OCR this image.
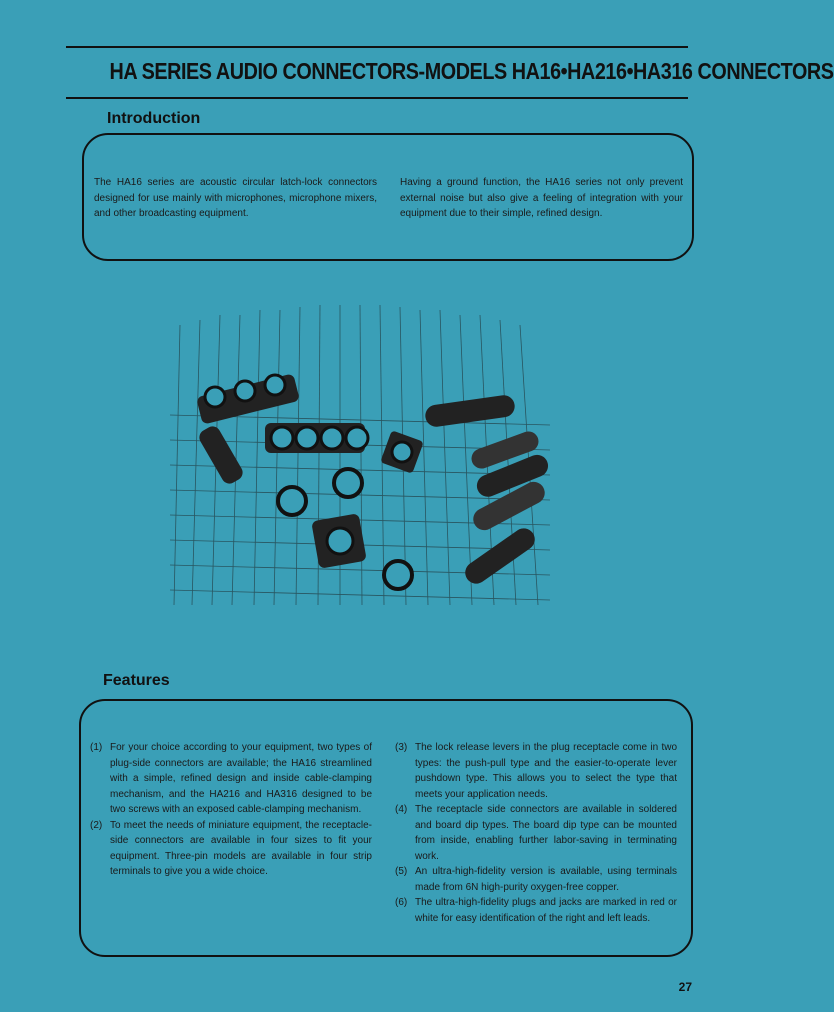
HA SERIES AUDIO CONNECTORS-MODELS HA16•HA216•HA316 CONNECTORS
Introduction
The HA16 series are acoustic circular latch-lock connectors designed for use mainly with microphones, microphone mixers, and other broadcasting equipment.
Having a ground function, the HA16 series not only prevent external noise but also give a feeling of integration with your equipment due to their simple, refined design.
Features
(1) For your choice according to your equipment, two types of plug-side connectors are available; the HA16 streamlined with a simple, refined design and inside cable-clamping mechanism, and the HA216 and HA316 designed to be two screws with an exposed cable-clamping mechanism.
(2) To meet the needs of miniature equipment, the receptacle-side connectors are available in four sizes to fit your equipment. Three-pin models are available in four strip terminals to give you a wide choice.
(3) The lock release levers in the plug receptacle come in two types: the push-pull type and the easier-to-operate lever pushdown type. This allows you to select the type that meets your application needs.
(4) The receptacle side connectors are available in soldered and board dip types. The board dip type can be mounted from inside, enabling further labor-saving in terminating work.
(5) An ultra-high-fidelity version is available, using terminals made from 6N high-purity oxygen-free copper.
(6) The ultra-high-fidelity plugs and jacks are marked in red or white for easy identification of the right and left leads.
27
